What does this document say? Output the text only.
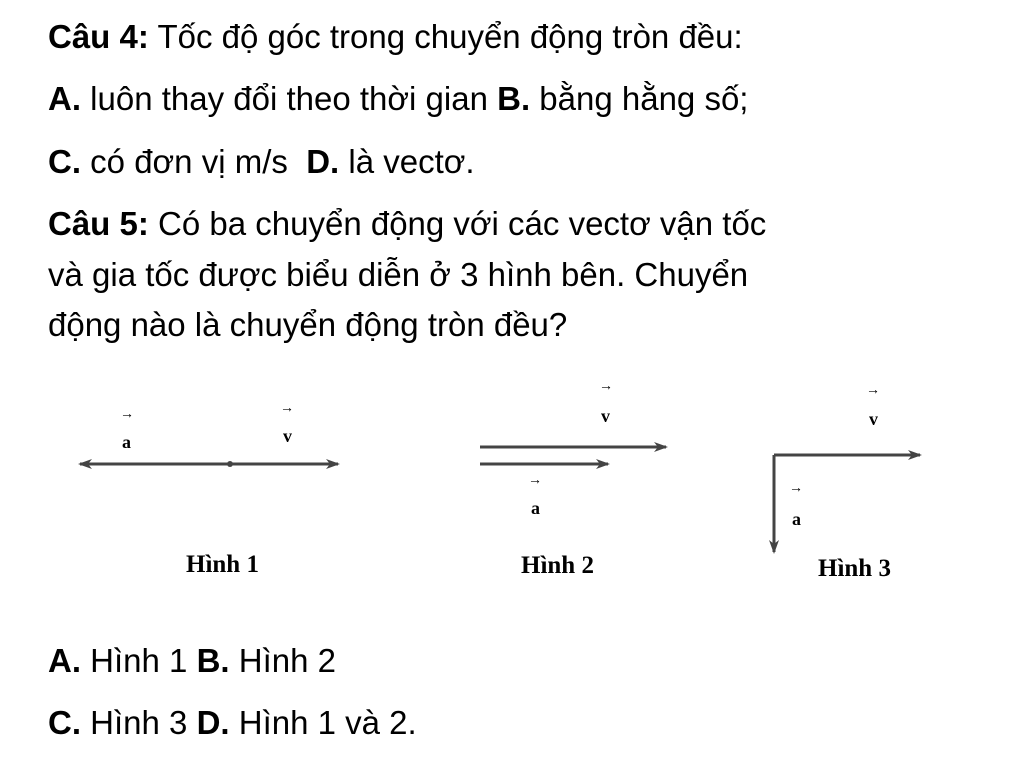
Câu 4: Tốc độ góc trong chuyển động tròn đều:
A. luôn thay đổi theo thời gian B. bằng hằng số;
C. có đơn vị m/s D. là vectơ.
Câu 5: Có ba chuyển động với các vectơ vận tốc
và gia tốc được biểu diễn ở 3 hình bên. Chuyển
động nào là chuyển động tròn đều?
→
a
→
v
Hình 1
→
v
→
a
Hình 2
→
v
→
a
Hình 3
A. Hình 1 B. Hình 2
C. Hình 3 D. Hình 1 và 2.
